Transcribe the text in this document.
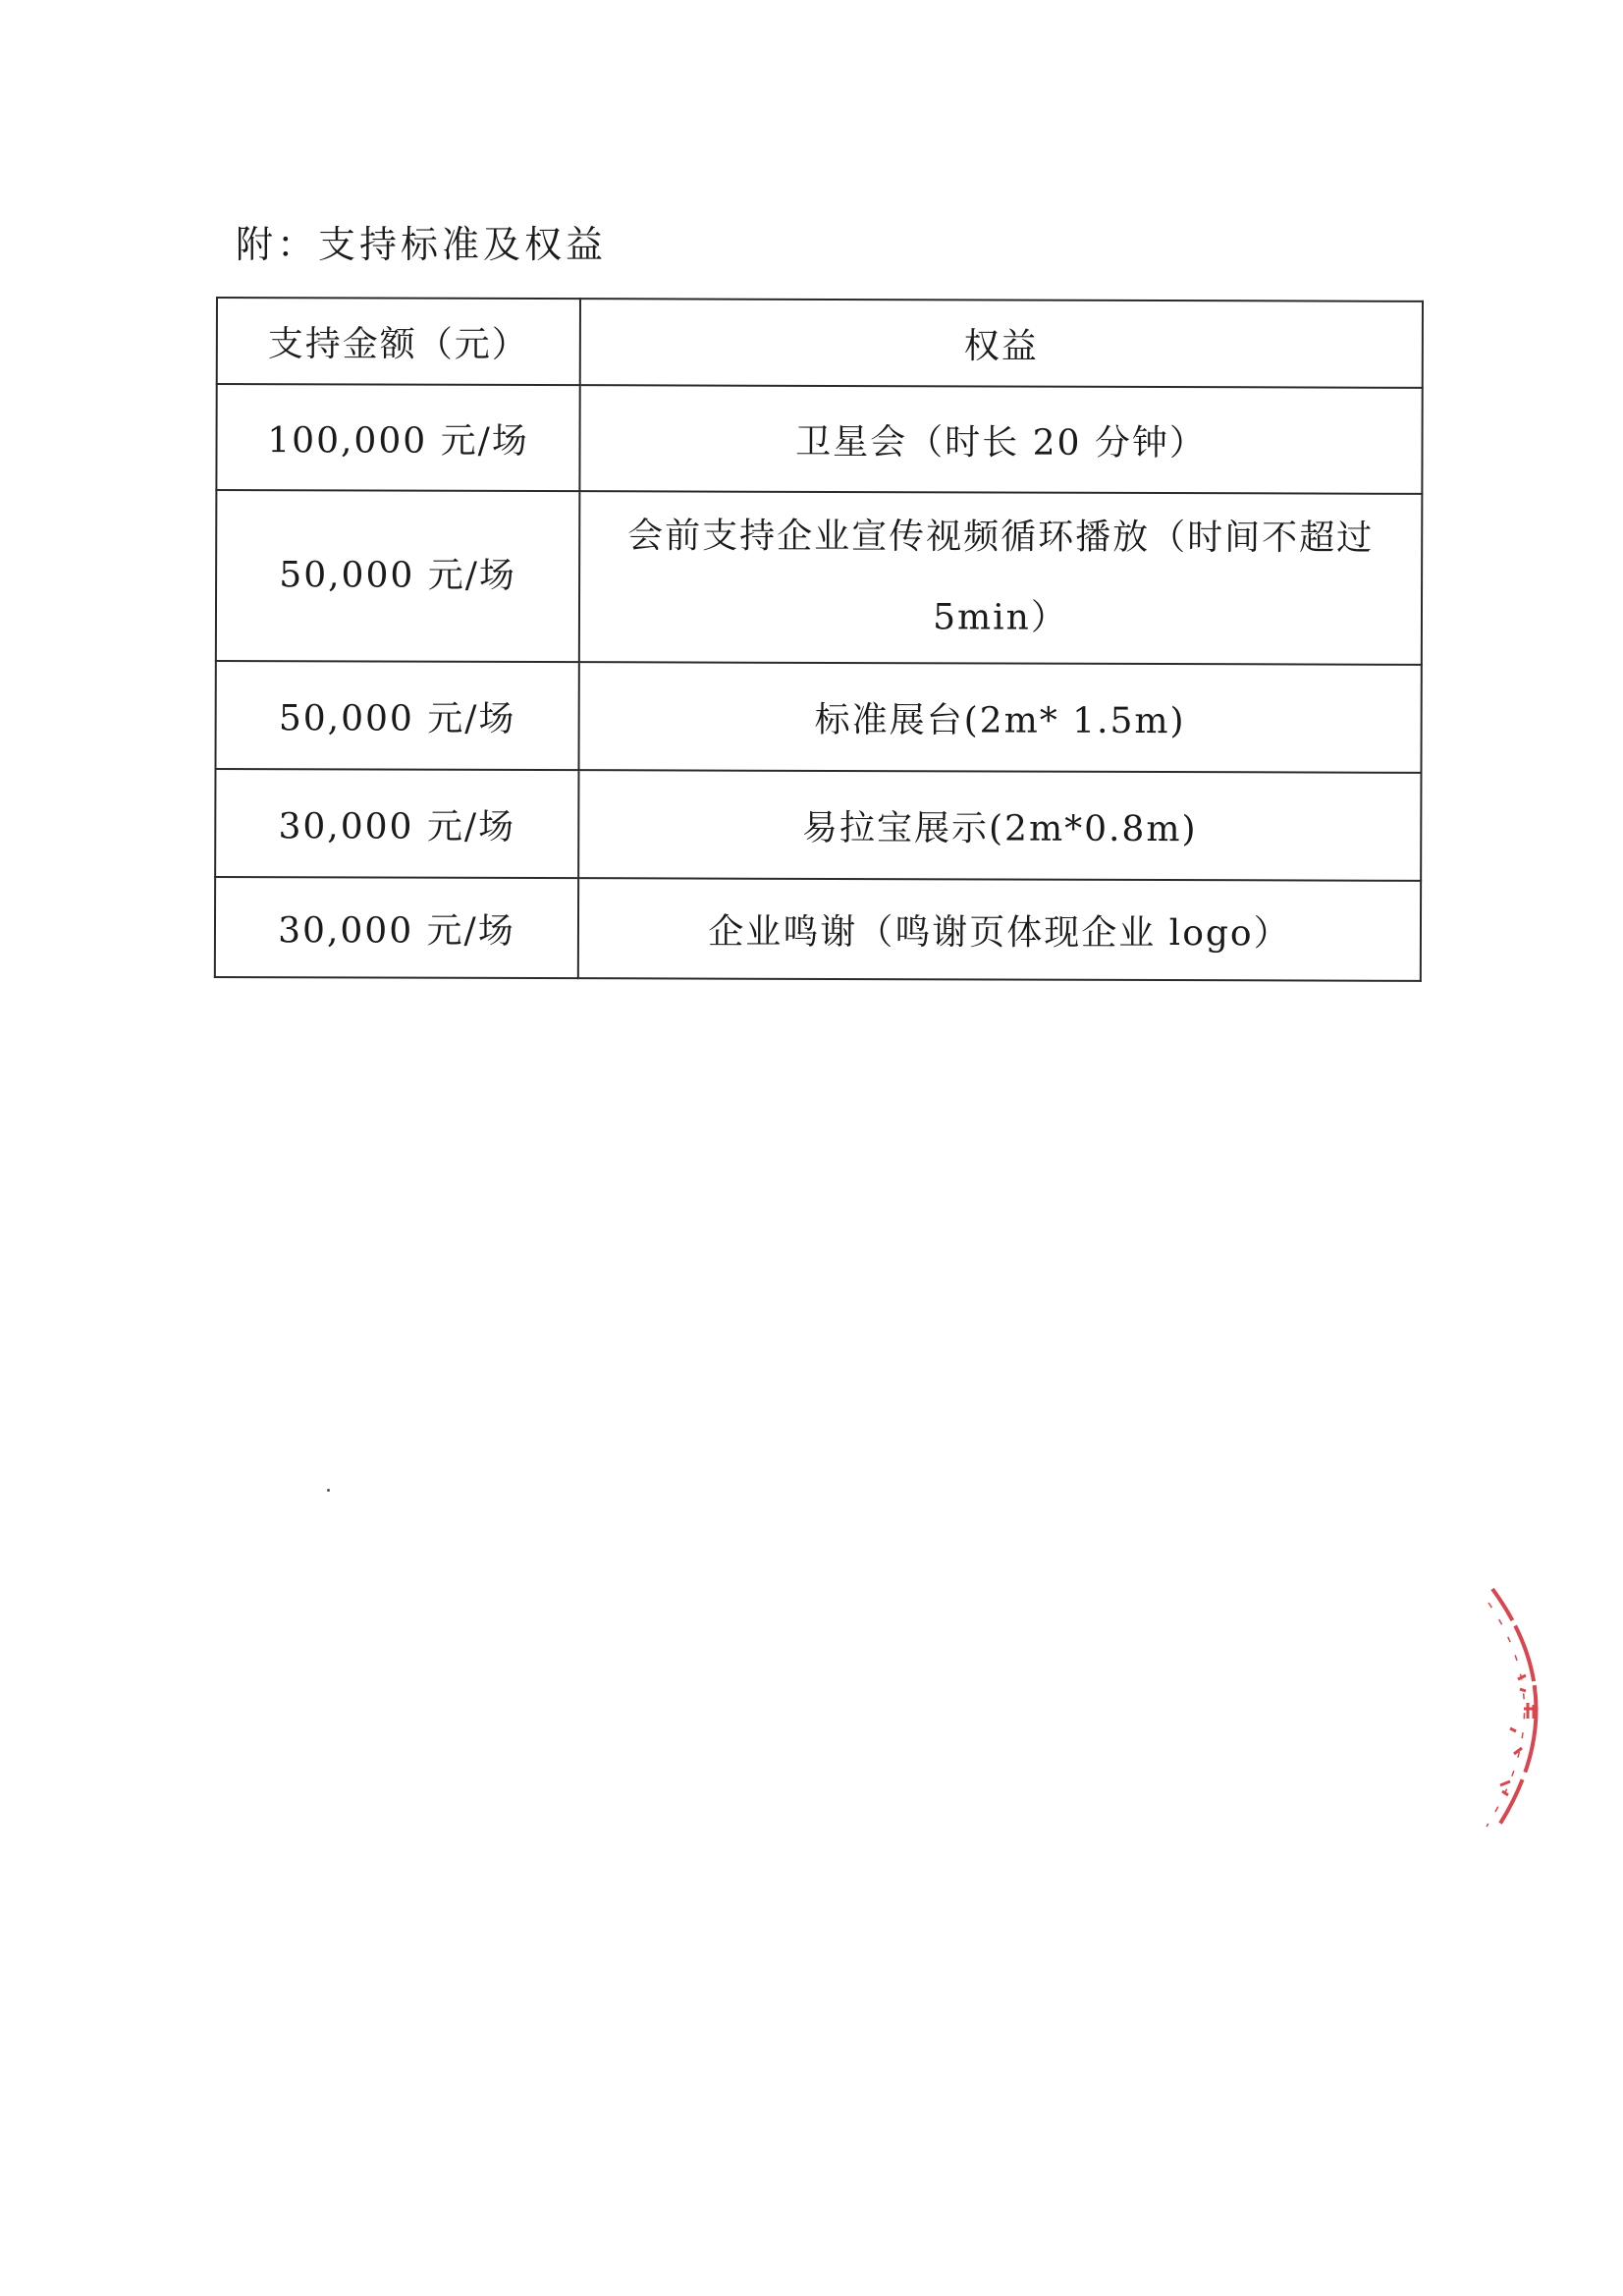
附：支持标准及权益
支持金额（元）	权益
100,000 元/场	卫星会（时长 20 分钟）
50,000 元/场	会前支持企业宣传视频循环播放（时间不超过5min）
50,000 元/场	标准展台(2m* 1.5m)
30,000 元/场	易拉宝展示(2m*0.8m)
30,000 元/场	企业鸣谢（鸣谢页体现企业 logo）
